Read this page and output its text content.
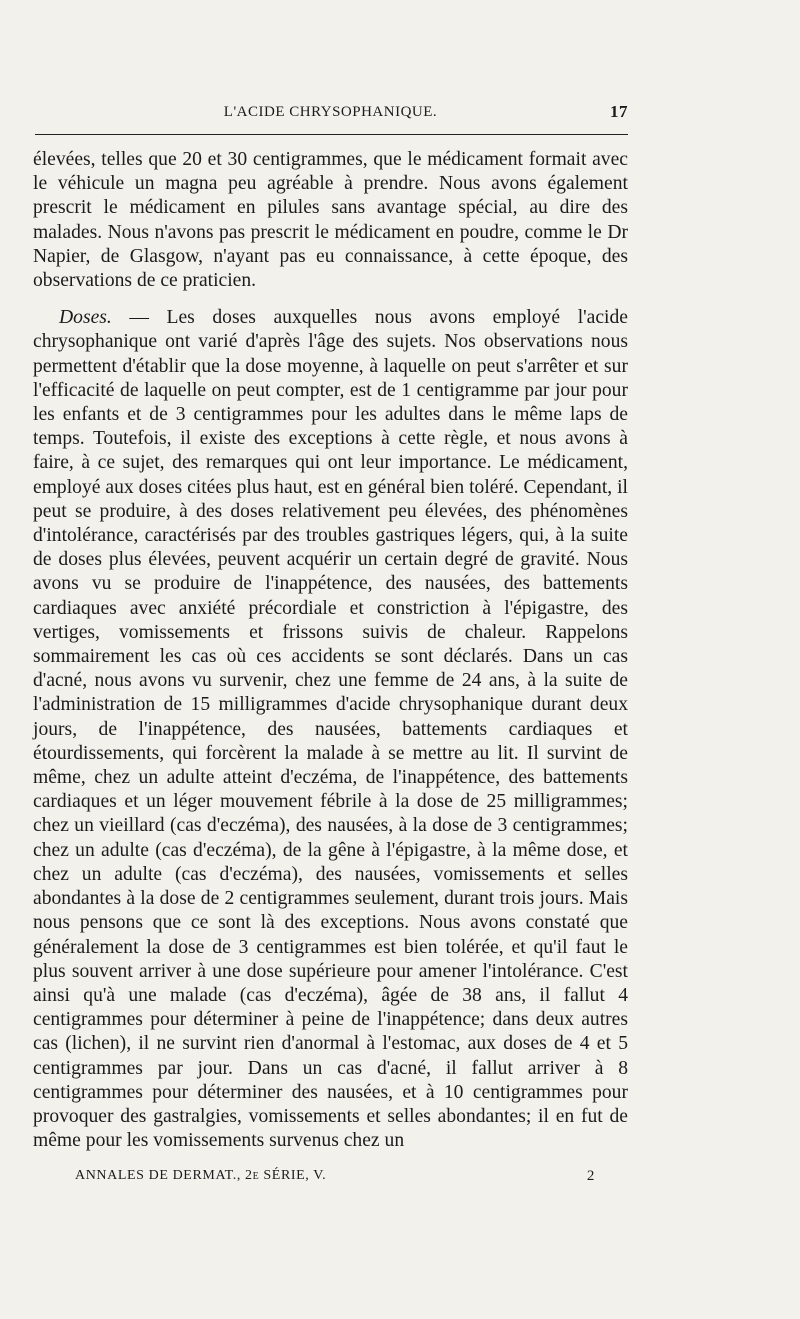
L'ACIDE CHRYSOPHANIQUE.	17

élevées, telles que 20 et 30 centigrammes, que le médicament formait avec le véhicule un magna peu agréable à prendre. Nous avons également prescrit le médicament en pilules sans avantage spécial, au dire des malades. Nous n'avons pas prescrit le médicament en poudre, comme le Dr Napier, de Glasgow, n'ayant pas eu connaissance, à cette époque, des observations de ce praticien.

Doses. — Les doses auxquelles nous avons employé l'acide chrysophanique ont varié d'après l'âge des sujets. Nos observations nous permettent d'établir que la dose moyenne, à laquelle on peut s'arrêter et sur l'efficacité de laquelle on peut compter, est de 1 centigramme par jour pour les enfants et de 3 centigrammes pour les adultes dans le même laps de temps. Toutefois, il existe des exceptions à cette règle, et nous avons à faire, à ce sujet, des remarques qui ont leur importance. Le médicament, employé aux doses citées plus haut, est en général bien toléré. Cependant, il peut se produire, à des doses relativement peu élevées, des phénomènes d'intolérance, caractérisés par des troubles gastriques légers, qui, à la suite de doses plus élevées, peuvent acquérir un certain degré de gravité. Nous avons vu se produire de l'inappétence, des nausées, des battements cardiaques avec anxiété précordiale et constriction à l'épigastre, des vertiges, vomissements et frissons suivis de chaleur. Rappelons sommairement les cas où ces accidents se sont déclarés. Dans un cas d'acné, nous avons vu survenir, chez une femme de 24 ans, à la suite de l'administration de 15 milligrammes d'acide chrysophanique durant deux jours, de l'inappétence, des nausées, battements cardiaques et étourdissements, qui forcèrent la malade à se mettre au lit. Il survint de même, chez un adulte atteint d'eczéma, de l'inappétence, des battements cardiaques et un léger mouvement fébrile à la dose de 25 milligrammes; chez un vieillard (cas d'eczéma), des nausées, à la dose de 3 centigrammes; chez un adulte (cas d'eczéma), de la gêne à l'épigastre, à la même dose, et chez un adulte (cas d'eczéma), des nausées, vomissements et selles abondantes à la dose de 2 centigrammes seulement, durant trois jours. Mais nous pensons que ce sont là des exceptions. Nous avons constaté que généralement la dose de 3 centigrammes est bien tolérée, et qu'il faut le plus souvent arriver à une dose supérieure pour amener l'intolérance. C'est ainsi qu'à une malade (cas d'eczéma), âgée de 38 ans, il fallut 4 centigrammes pour déterminer à peine de l'inappétence; dans deux autres cas (lichen), il ne survint rien d'anormal à l'estomac, aux doses de 4 et 5 centigrammes par jour. Dans un cas d'acné, il fallut arriver à 8 centigrammes pour déterminer des nausées, et à 10 centigrammes pour provoquer des gastralgies, vomissements et selles abondantes; il en fut de même pour les vomissements survenus chez un

ANNALES DE DERMAT., 2e SÉRIE, V.	2
